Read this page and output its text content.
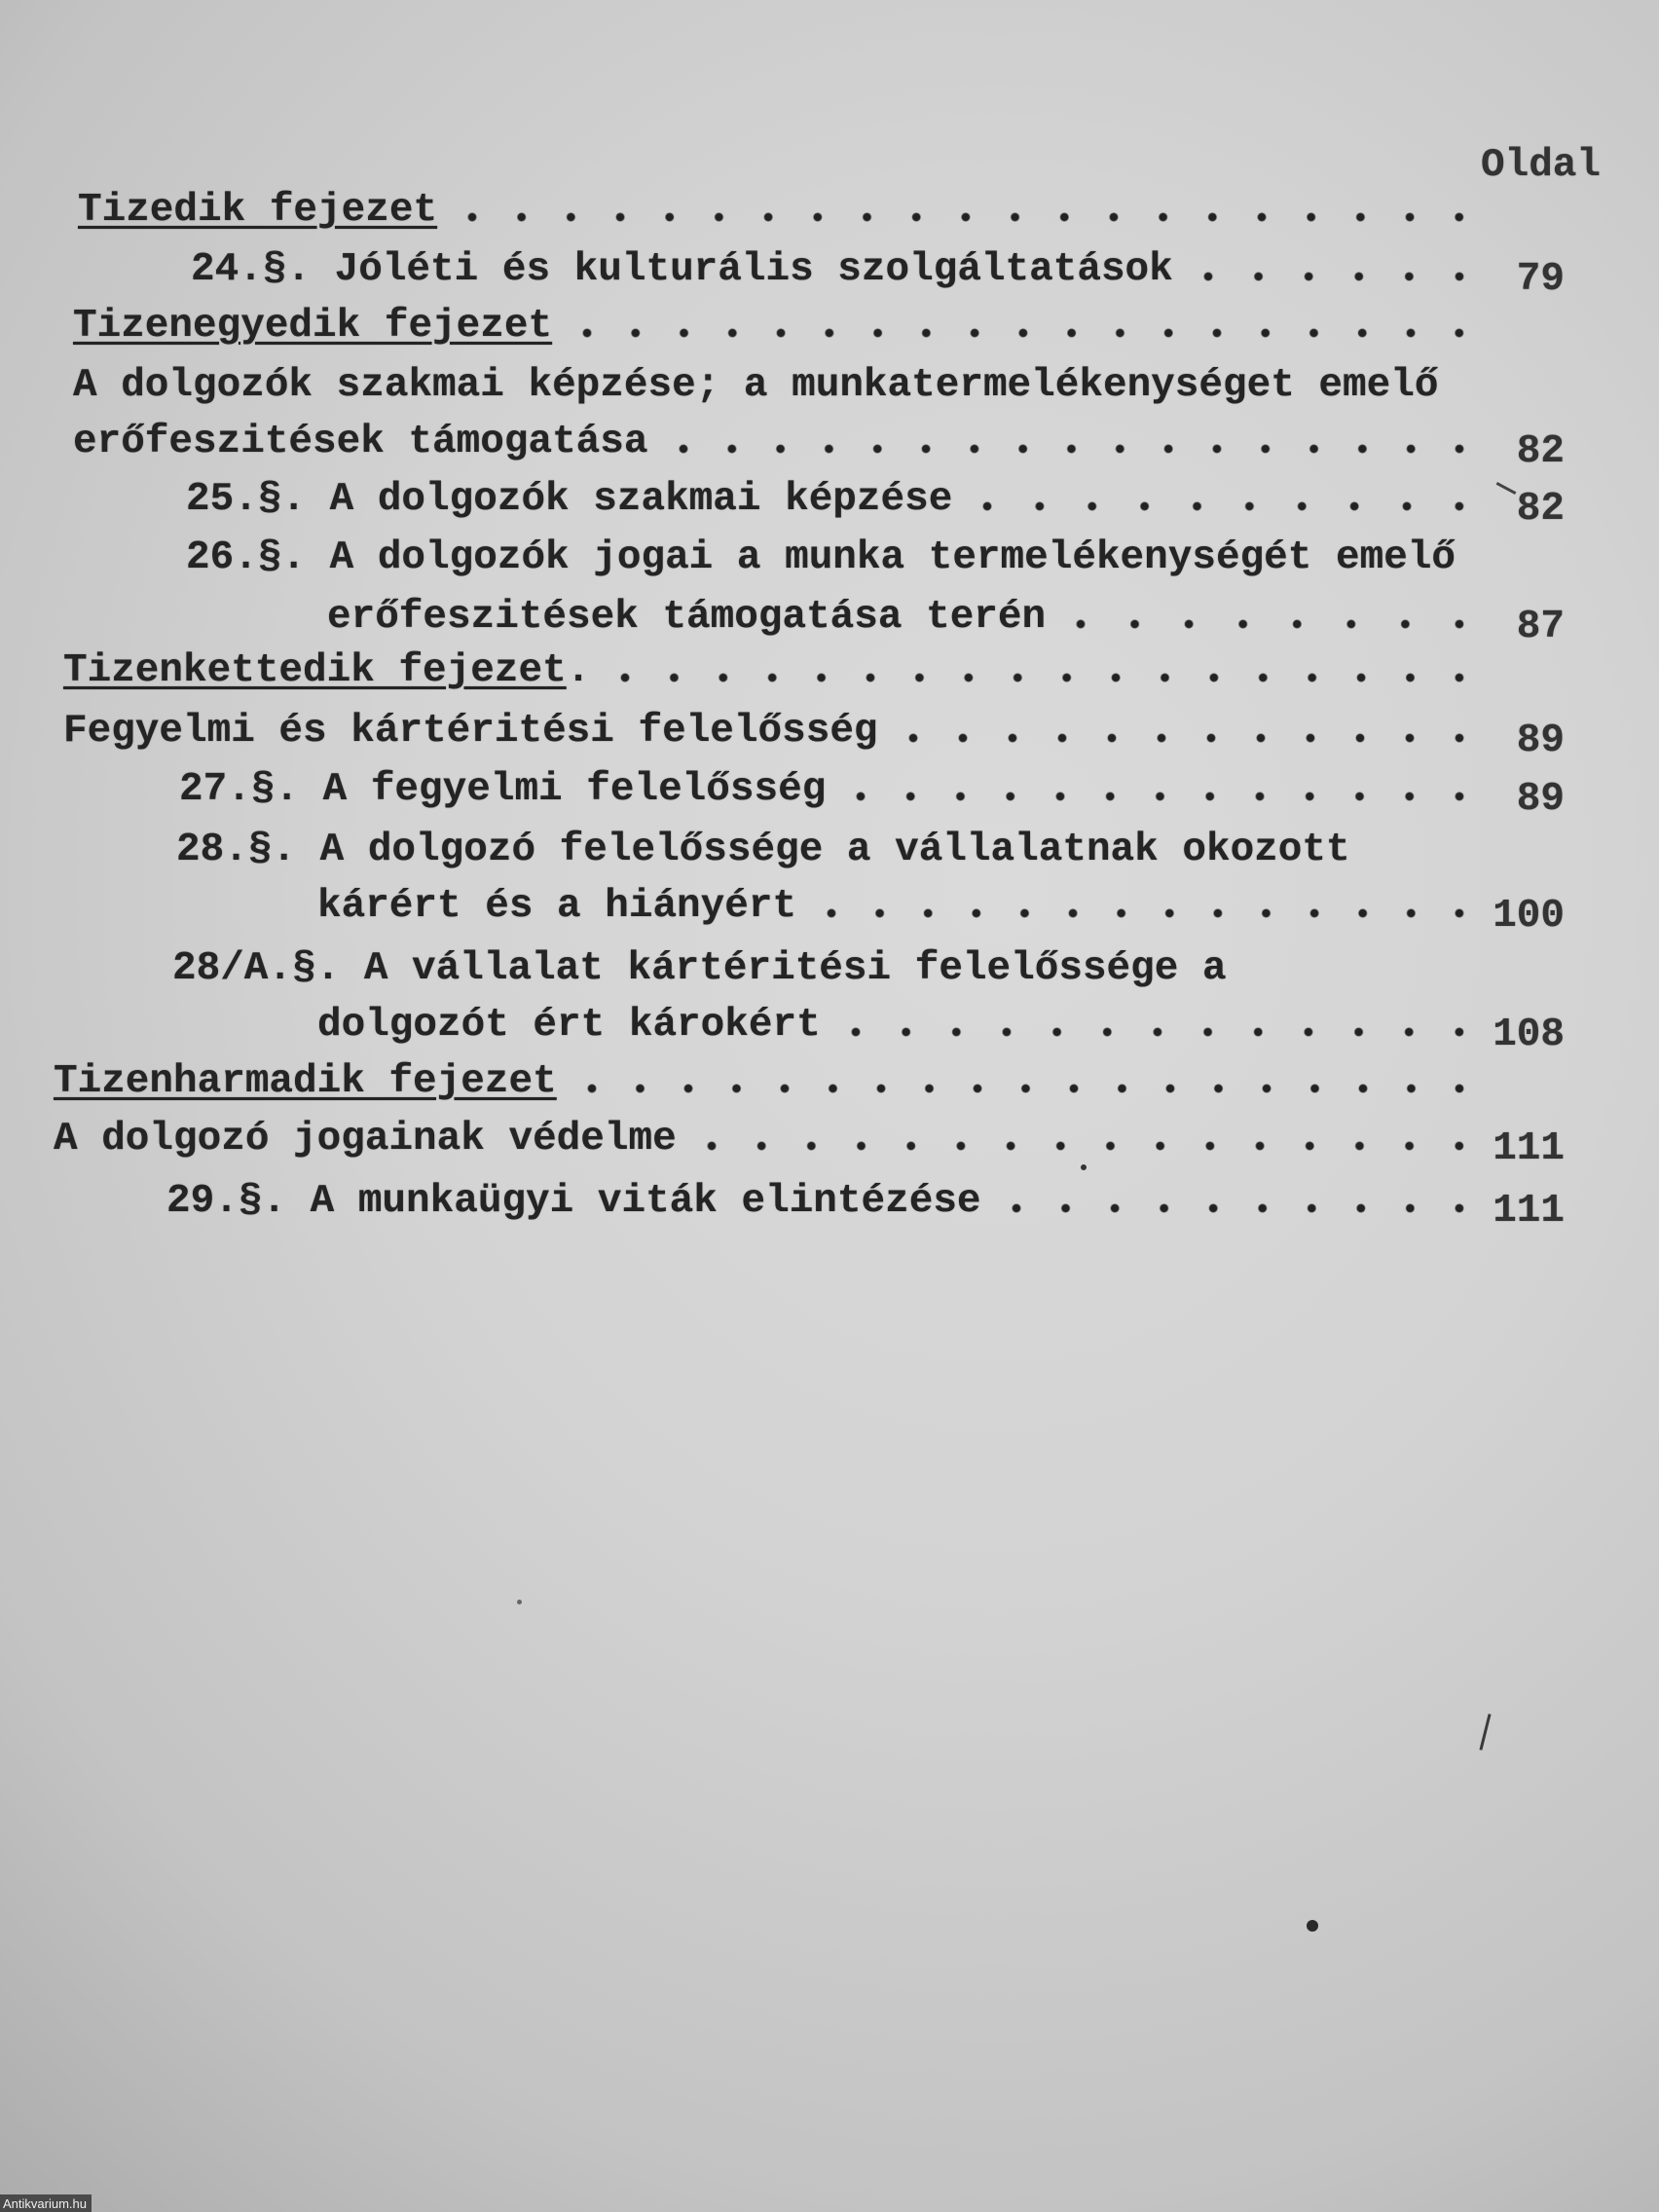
Oldal
Tizedik fejezet
24.§. Jóléti és kulturális szolgáltatások	79
Tizenegyedik fejezet
A dolgozók szakmai képzése; a munkatermelékenységet emelő
erőfeszitések támogatása	82
25.§. A dolgozók szakmai képzése	82
26.§. A dolgozók jogai a munka termelékenységét emelő
erőfeszitések támogatása terén	87
Tizenkettedik fejezet.
Fegyelmi és kártéritési felelősség	89
27.§. A fegyelmi felelősség	89
28.§. A dolgozó felelőssége a vállalatnak okozott
kárért és a hiányért	100
28/A.§. A vállalat kártéritési felelőssége a
dolgozót ért károkért	108
Tizenharmadik fejezet
A dolgozó jogainak védelme	111
29.§. A munkaügyi viták elintézése	111
Antikvarium.hu
